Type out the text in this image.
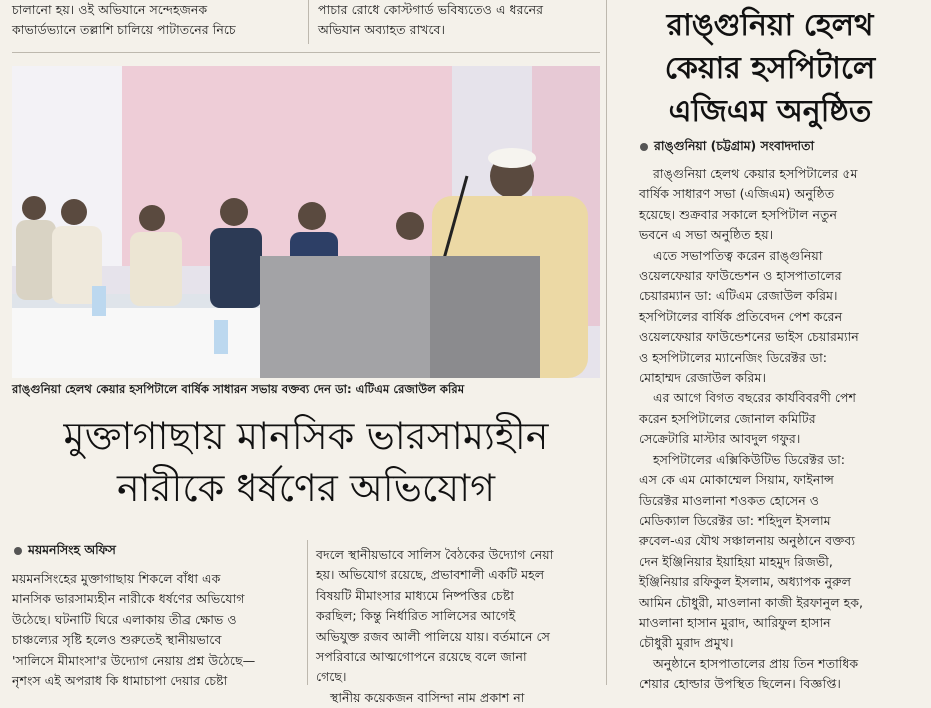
চালানো হয়। ওই অভিযানে সন্দেহজনক
কাভার্ডভ্যানে তল্লাশি চালিয়ে পাটাতনের নিচে
পাচার রোধে কোস্টগার্ড ভবিষ্যতেও এ ধরনের
অভিযান অব্যাহত রাখবে।
রাঙ্গুনিয়া হেলথ কেয়ার হসপিটালে বার্ষিক সাধারন সভায় বক্তব্য দেন ডা: এটিএম রেজাউল করিম
মুক্তাগাছায় মানসিক ভারসাম্যহীন
নারীকে ধর্ষণের অভিযোগ
রাঙ্গুনিয়া হেলথ
কেয়ার হসপিটালে
এজিএম অনুষ্ঠিত
ময়মনসিংহ অফিস
রাঙ্গুনিয়া (চট্টগ্রাম) সংবাদদাতা
ময়মনসিংহের মুক্তাগাছায় শিকলে বাঁধা এক
মানসিক ভারসাম্যহীন নারীকে ধর্ষণের অভিযোগ
উঠেছে। ঘটনাটি ঘিরে এলাকায় তীব্র ক্ষোভ ও
চাঞ্চল্যের সৃষ্টি হলেও শুরুতেই স্থানীয়ভাবে
'সালিসে মীমাংসা'র উদ্যোগ নেয়ায় প্রশ্ন উঠেছে—
নৃশংস এই অপরাধ কি ধামাচাপা দেয়ার চেষ্টা
বদলে স্থানীয়ভাবে সালিস বৈঠকের উদ্যোগ নেয়া
হয়। অভিযোগ রয়েছে, প্রভাবশালী একটি মহল
বিষয়টি মীমাংসার মাধ্যমে নিষ্পত্তির চেষ্টা
করছিল; কিন্তু নির্ধারিত সালিসের আগেই
অভিযুক্ত রজব আলী পালিয়ে যায়। বর্তমানে সে
সপরিবারে আত্মগোপনে রয়েছে বলে জানা
গেছে।
স্থানীয় কয়েকজন বাসিন্দা নাম প্রকাশ না
রাঙ্গুনিয়া হেলথ কেয়ার হসপিটালের ৫ম
বার্ষিক সাধারণ সভা (এজিএম) অনুষ্ঠিত
হয়েছে। শুক্রবার সকালে হসপিটাল নতুন
ভবনে এ সভা অনুষ্ঠিত হয়।
এতে সভাপতিত্ব করেন রাঙ্গুনিয়া
ওয়েলফেয়ার ফাউন্ডেশন ও হাসপাতালের
চেয়ারম্যান ডা: এটিএম রেজাউল করিম।
হসপিটালের বার্ষিক প্রতিবেদন পেশ করেন
ওয়েলফেয়ার ফাউন্ডেশনের ভাইস চেয়ারম্যান
ও হসপিটালের ম্যানেজিং ডিরেক্টর ডা:
মোহাম্মদ রেজাউল করিম।
এর আগে বিগত বছরের কার্যবিবরণী পেশ
করেন হসপিটালের জোনাল কমিটির
সেক্রেটারি মাস্টার আবদুল গফুর।
হসপিটালের এক্সিকিউটিভ ডিরেক্টর ডা:
এস কে এম মোকাম্মেল সিয়াম, ফাইনান্স
ডিরেক্টর মাওলানা শওকত হোসেন ও
মেডিক্যাল ডিরেক্টর ডা: শহিদুল ইসলাম
রুবেল-এর যৌথ সঞ্চালনায় অনুষ্ঠানে বক্তব্য
দেন ইঞ্জিনিয়ার ইয়াহিয়া মাহমুদ রিজভী,
ইঞ্জিনিয়ার রফিকুল ইসলাম, অধ্যাপক নুরুল
আমিন চৌধুরী, মাওলানা কাজী ইরফানুল হক,
মাওলানা হাসান মুরাদ, আরিফুল হাসান
চৌধুরী মুরাদ প্রমুখ।
অনুষ্ঠানে হাসপাতালের প্রায় তিন শতাধিক
শেয়ার হোল্ডার উপস্থিত ছিলেন। বিজ্ঞপ্তি।
